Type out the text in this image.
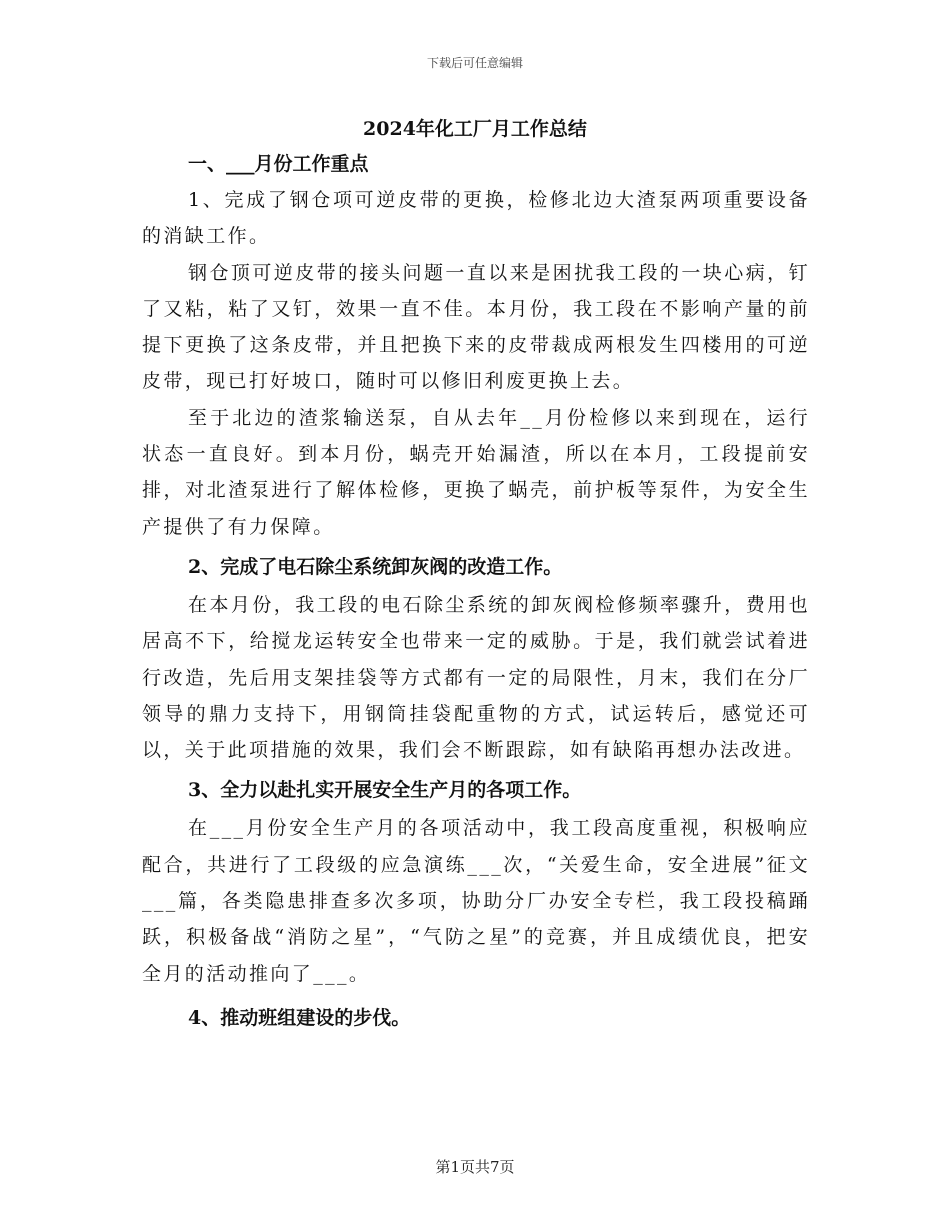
下载后可任意编辑
2024年化工厂月工作总结

一、___月份工作重点

1、完成了钢仓项可逆皮带的更换，检修北边大渣泵两项重要设备的消缺工作。

钢仓顶可逆皮带的接头问题一直以来是困扰我工段的一块心病，钉了又粘，粘了又钉，效果一直不佳。本月份，我工段在不影响产量的前提下更换了这条皮带，并且把换下来的皮带裁成两根发生四楼用的可逆皮带，现已打好坡口，随时可以修旧利废更换上去。

至于北边的渣浆输送泵，自从去年__月份检修以来到现在，运行状态一直良好。到本月份，蜗壳开始漏渣，所以在本月，工段提前安排，对北渣泵进行了解体检修，更换了蜗壳，前护板等泵件，为安全生产提供了有力保障。

2、完成了电石除尘系统卸灰阀的改造工作。

在本月份，我工段的电石除尘系统的卸灰阀检修频率骤升，费用也居高不下，给搅龙运转安全也带来一定的威胁。于是，我们就尝试着进行改造，先后用支架挂袋等方式都有一定的局限性，月末，我们在分厂领导的鼎力支持下，用钢筒挂袋配重物的方式，试运转后，感觉还可以，关于此项措施的效果，我们会不断跟踪，如有缺陷再想办法改进。

3、全力以赴扎实开展安全生产月的各项工作。

在___月份安全生产月的各项活动中，我工段高度重视，积极响应配合，共进行了工段级的应急演练___次，“关爱生命，安全进展”征文___篇，各类隐患排查多次多项，协助分厂办安全专栏，我工段投稿踊跃，积极备战“消防之星”，“气防之星”的竞赛，并且成绩优良，把安全月的活动推向了___。

4、推动班组建设的步伐。

第1页共7页
